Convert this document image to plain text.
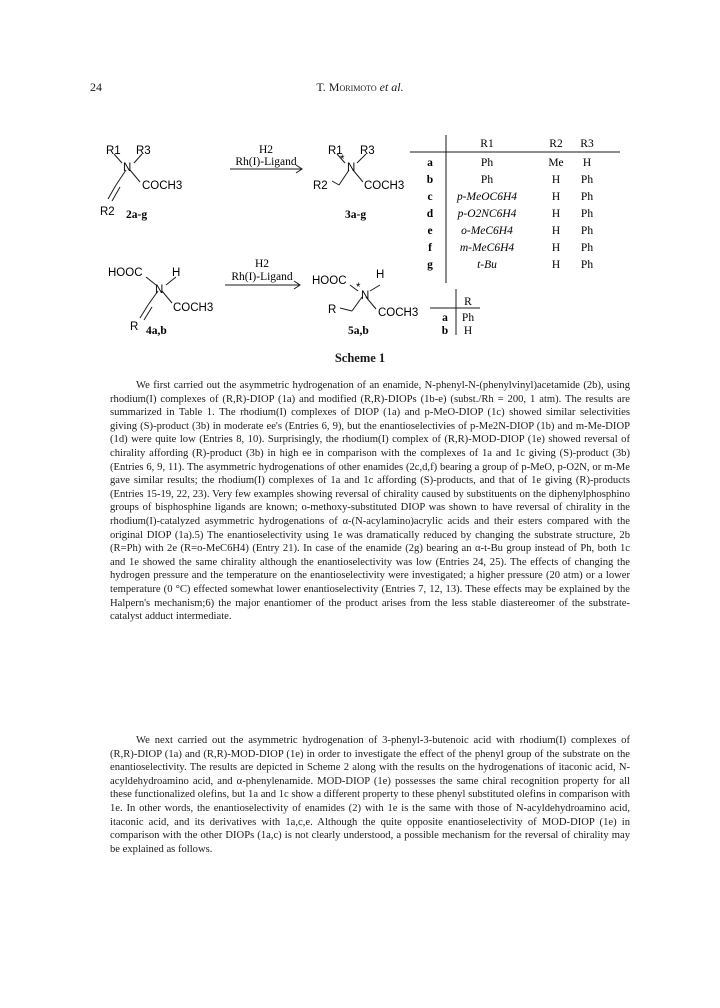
24	T. Morimoto et al.
R1 R3
N
COCH3
R2 2a-g
H2
Rh(I)-Ligand
R1 R3
*
N
COCH3
R2
3a-g
HOOC	H
N
COCH3
R 4a,b
H2
Rh(I)-Ligand HOOC	H
*
N
COCH3
R
5a,b
R1	R2 R3
a	Ph	Me H
b	Ph	H Ph
c p-MeOC6H4	H Ph
d p-O2NC6H4	H Ph
e o-MeC6H4	H Ph
f m-MeC6H4	H Ph
g	t-Bu	H Ph
R
a Ph
b H
Scheme 1

We first carried out the asymmetric hydrogenation of an enamide, N-phenyl-N-(phenylvinyl)acetamide (2b), using rhodium(I) complexes of (R,R)-DIOP (1a) and modified (R,R)-DIOPs (1b-e) (subst./Rh = 200, 1 atm). The results are summarized in Table 1. The rhodium(I) complexes of DIOP (1a) and p-MeO-DIOP (1c) showed similar selectivities giving (S)-product (3b) in moderate ee's (Entries 6, 9), but the enantioselectivies of p-Me2N-DIOP (1b) and m-Me-DIOP (1d) were quite low (Entries 8, 10). Surprisingly, the rhodium(I) complex of (R,R)-MOD-DIOP (1e) showed reversal of chirality affording (R)-product (3b) in high ee in comparison with the complexes of 1a and 1c giving (S)-product (3b) (Entries 6, 9, 11). The asymmetric hydrogenations of other enamides (2c,d,f) bearing a group of p-MeO, p-O2N, or m-Me gave similar results; the rhodium(I) complexes of 1a and 1c affording (S)-products, and that of 1e giving (R)-products (Entries 15-19, 22, 23). Very few examples showing reversal of chirality caused by substituents on the diphenylphosphino groups of bisphosphine ligands are known; o-methoxy-substituted DIOP was shown to have reversal of chirality in the rhodium(I)-catalyzed asymmetric hydrogenations of α-(N-acylamino)acrylic acids and their esters compared with the original DIOP (1a).5) The enantioselectivity using 1e was dramatically reduced by changing the substrate structure, 2b (R=Ph) with 2e (R=o-MeC6H4) (Entry 21). In case of the enamide (2g) bearing an α-t-Bu group instead of Ph, both 1c and 1e showed the same chirality although the enantioselectivity was low (Entries 24, 25). The effects of changing the hydrogen pressure and the temperature on the enantioselectivity were investigated; a higher pressure (20 atm) or a lower temperature (0 °C) effected somewhat lower enantioselectivity (Entries 7, 12, 13). These effects may be explained by the Halpern's mechanism;6) the major enantiomer of the product arises from the less stable diastereomer of the substrate-catalyst adduct intermediate.

We next carried out the asymmetric hydrogenation of 3-phenyl-3-butenoic acid with rhodium(I) complexes of (R,R)-DIOP (1a) and (R,R)-MOD-DIOP (1e) in order to investigate the effect of the phenyl group of the substrate on the enantioselectivity. The results are depicted in Scheme 2 along with the results on the hydrogenations of itaconic acid, N-acyldehydroamino acid, and α-phenylenamide. MOD-DIOP (1e) possesses the same chiral recognition property for all these functionalized olefins, but 1a and 1c show a different property to these phenyl substituted olefins in comparison with 1e. In other words, the enantioselectivity of enamides (2) with 1e is the same with those of N-acyldehydroamino acid, itaconic acid, and its derivatives with 1a,c,e. Although the quite opposite enantioselectivity of MOD-DIOP (1e) in comparison with the other DIOPs (1a,c) is not clearly understood, a possible mechanism for the reversal of chirality may be explained as follows.
